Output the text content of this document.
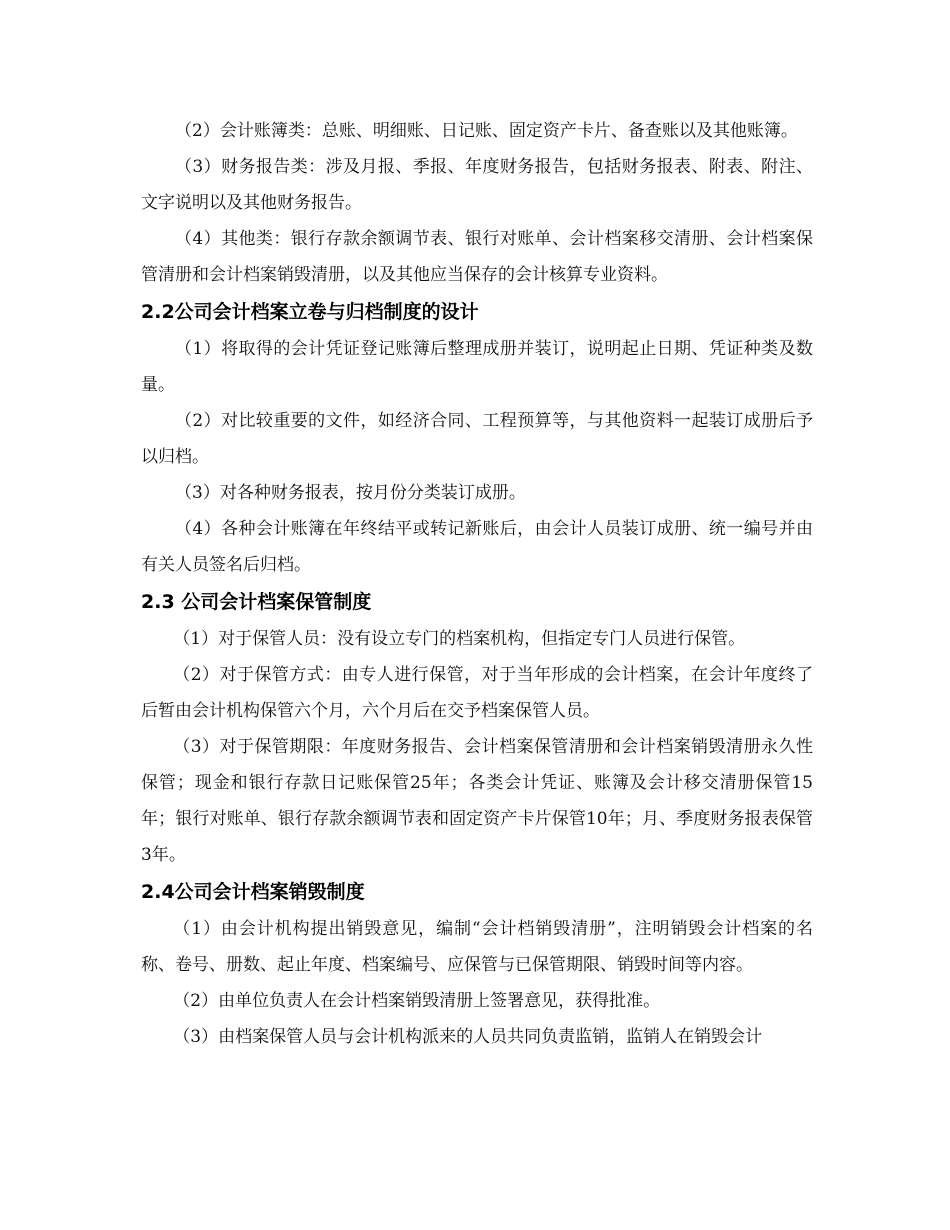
（2）会计账簿类：总账、明细账、日记账、固定资产卡片、备查账以及其他账簿。

（3）财务报告类：涉及月报、季报、年度财务报告，包括财务报表、附表、附注、文字说明以及其他财务报告。

（4）其他类：银行存款余额调节表、银行对账单、会计档案移交清册、会计档案保管清册和会计档案销毁清册，以及其他应当保存的会计核算专业资料。

2.2公司会计档案立卷与归档制度的设计

（1）将取得的会计凭证登记账簿后整理成册并装订，说明起止日期、凭证种类及数量。

（2）对比较重要的文件，如经济合同、工程预算等，与其他资料一起装订成册后予以归档。

（3）对各种财务报表，按月份分类装订成册。

（4）各种会计账簿在年终结平或转记新账后，由会计人员装订成册、统一编号并由有关人员签名后归档。

2.3 公司会计档案保管制度

（1）对于保管人员：没有设立专门的档案机构，但指定专门人员进行保管。

（2）对于保管方式：由专人进行保管，对于当年形成的会计档案，在会计年度终了后暂由会计机构保管六个月，六个月后在交予档案保管人员。

（3）对于保管期限：年度财务报告、会计档案保管清册和会计档案销毁清册永久性保管；现金和银行存款日记账保管25年；各类会计凭证、账簿及会计移交清册保管15年；银行对账单、银行存款余额调节表和固定资产卡片保管10年；月、季度财务报表保管3年。

2.4公司会计档案销毁制度

（1）由会计机构提出销毁意见，编制“会计档销毁清册”，注明销毁会计档案的名称、卷号、册数、起止年度、档案编号、应保管与已保管期限、销毁时间等内容。

（2）由单位负责人在会计档案销毁清册上签署意见，获得批准。

（3）由档案保管人员与会计机构派来的人员共同负责监销，监销人在销毁会计
